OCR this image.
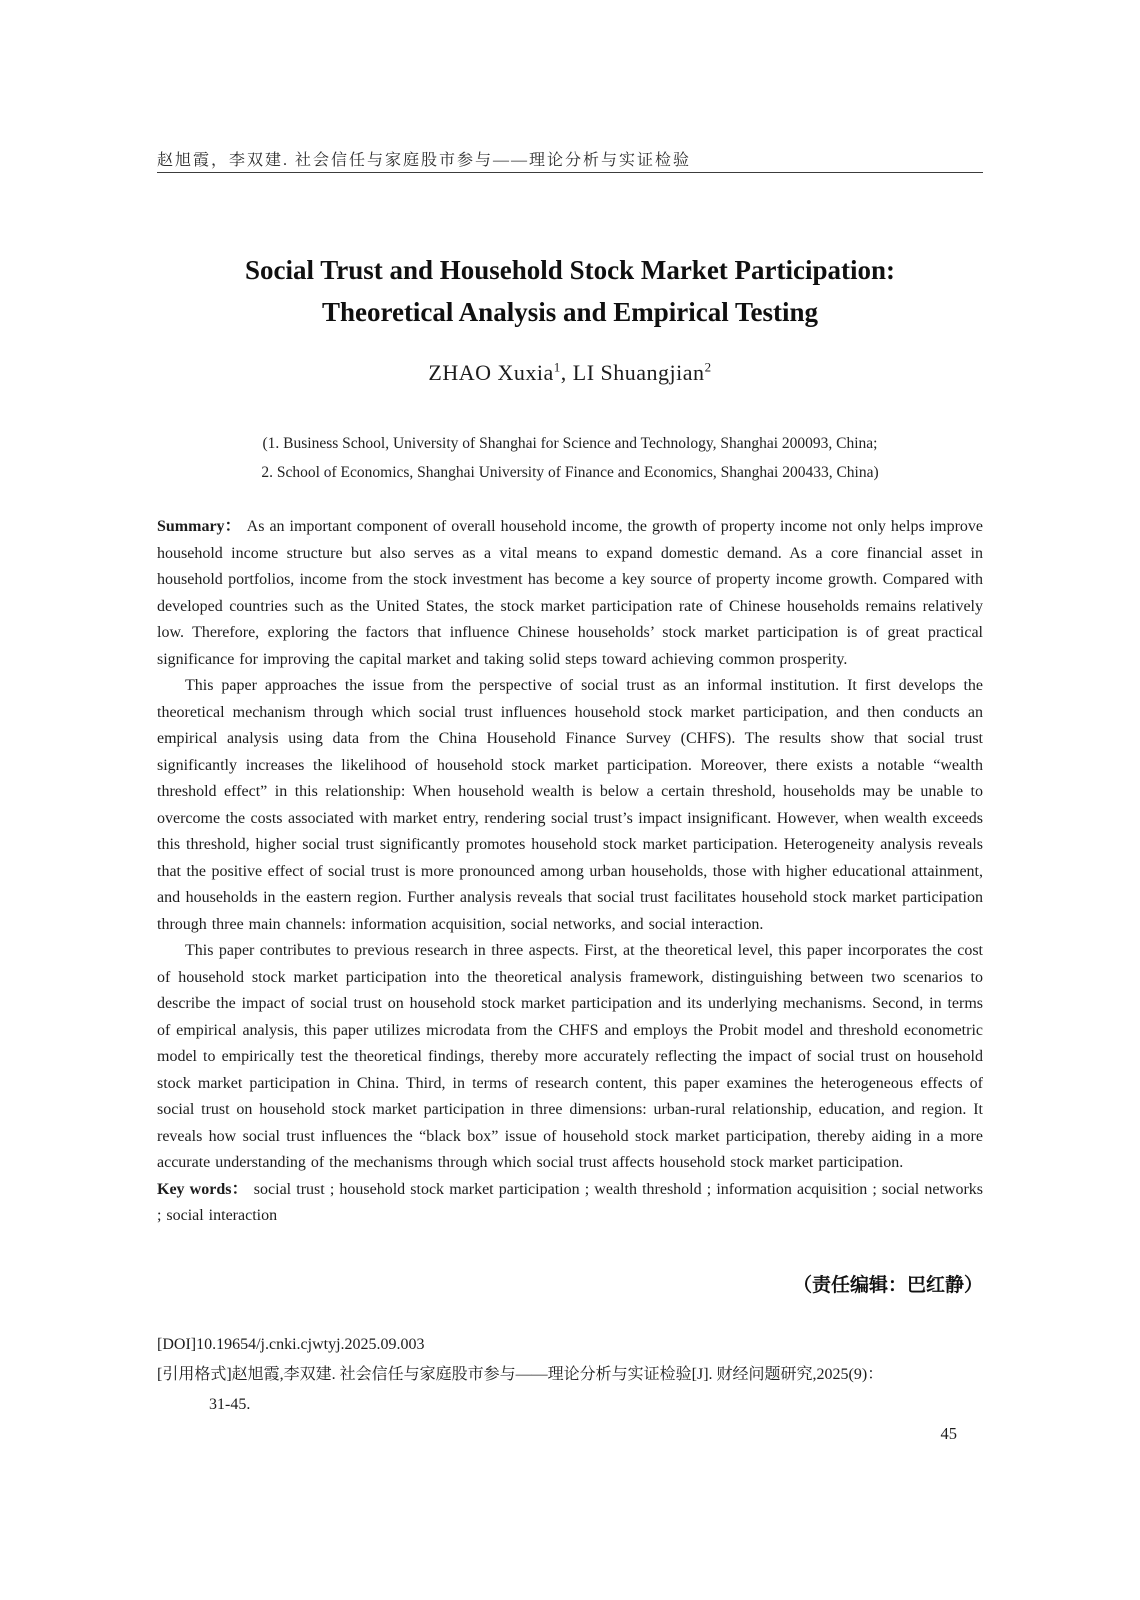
赵旭霞，李双建. 社会信任与家庭股市参与——理论分析与实证检验
Social Trust and Household Stock Market Participation:
Theoretical Analysis and Empirical Testing
ZHAO Xuxia$^1$, LI Shuangjian$^2$
(1. Business School, University of Shanghai for Science and Technology, Shanghai 200093, China;
2. School of Economics, Shanghai University of Finance and Economics, Shanghai 200433, China)

Summary： As an important component of overall household income, the growth of property income not only helps improve household income structure but also serves as a vital means to expand domestic demand. As a core financial asset in household portfolios, income from the stock investment has become a key source of property income growth. Compared with developed countries such as the United States, the stock market participation rate of Chinese households remains relatively low. Therefore, exploring the factors that influence Chinese households’ stock market participation is of great practical significance for improving the capital market and taking solid steps toward achieving common prosperity.

This paper approaches the issue from the perspective of social trust as an informal institution. It first develops the theoretical mechanism through which social trust influences household stock market participation, and then conducts an empirical analysis using data from the China Household Finance Survey (CHFS). The results show that social trust significantly increases the likelihood of household stock market participation. Moreover, there exists a notable “wealth threshold effect” in this relationship: When household wealth is below a certain threshold, households may be unable to overcome the costs associated with market entry, rendering social trust’s impact insignificant. However, when wealth exceeds this threshold, higher social trust significantly promotes household stock market participation. Heterogeneity analysis reveals that the positive effect of social trust is more pronounced among urban households, those with higher educational attainment, and households in the eastern region. Further analysis reveals that social trust facilitates household stock market participation through three main channels: information acquisition, social networks, and social interaction.

This paper contributes to previous research in three aspects. First, at the theoretical level, this paper incorporates the cost of household stock market participation into the theoretical analysis framework, distinguishing between two scenarios to describe the impact of social trust on household stock market participation and its underlying mechanisms. Second, in terms of empirical analysis, this paper utilizes microdata from the CHFS and employs the Probit model and threshold econometric model to empirically test the theoretical findings, thereby more accurately reflecting the impact of social trust on household stock market participation in China. Third, in terms of research content, this paper examines the heterogeneous effects of social trust on household stock market participation in three dimensions: urban-rural relationship, education, and region. It reveals how social trust influences the “black box” issue of household stock market participation, thereby aiding in a more accurate understanding of the mechanisms through which social trust affects household stock market participation.

Key words： social trust ; household stock market participation ; wealth threshold ; information acquisition ; social networks ; social interaction

（责任编辑：巴红静）
[DOI]10.19654/j.cnki.cjwtyj.2025.09.003
[引用格式]赵旭霞,李双建. 社会信任与家庭股市参与——理论分析与实证检验[J]. 财经问题研究,2025(9)：
31-45.
45
